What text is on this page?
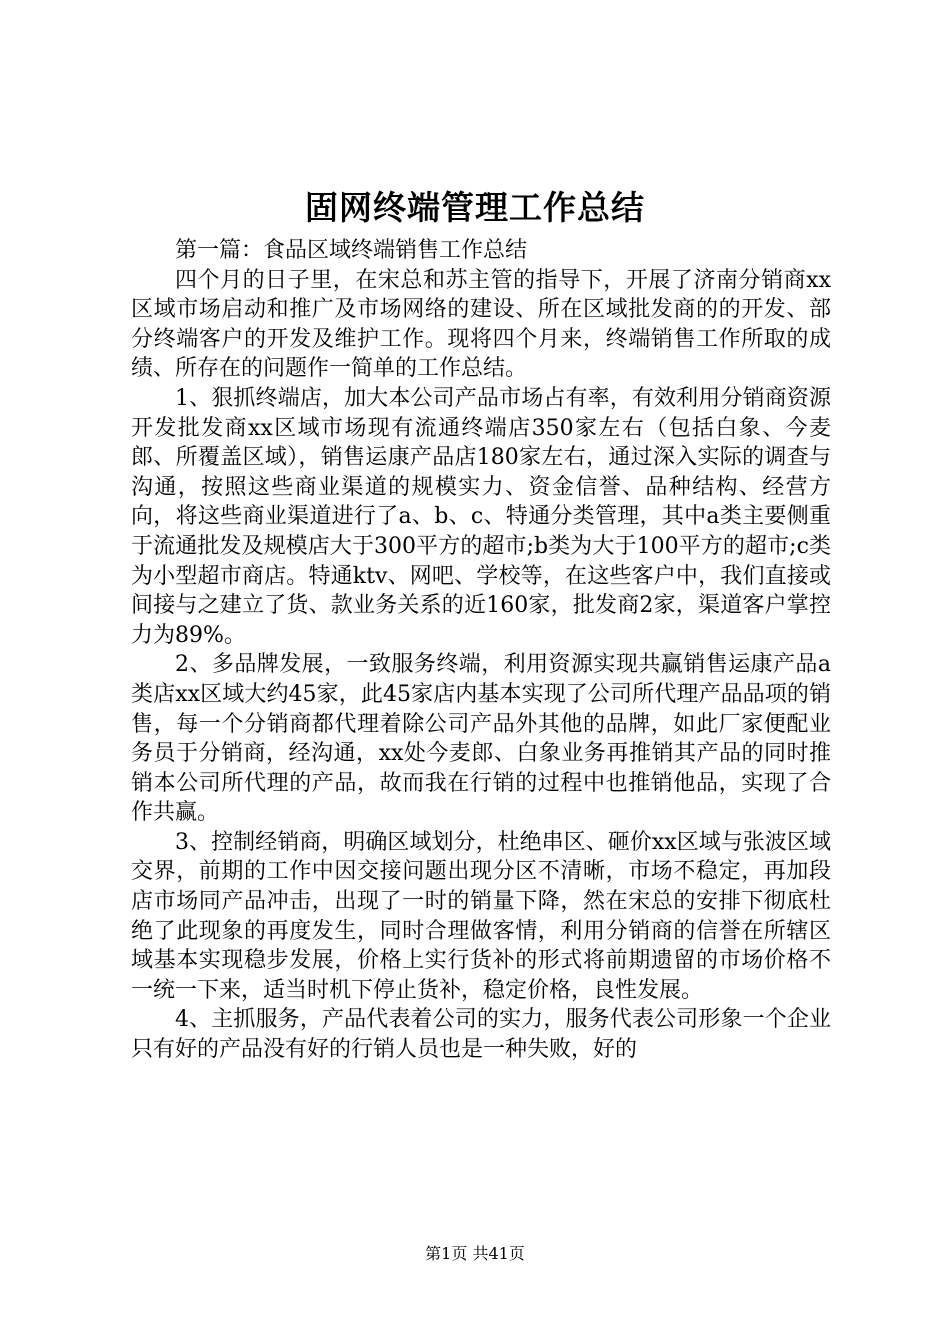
固网终端管理工作总结

第一篇：食品区域终端销售工作总结

四个月的日子里，在宋总和苏主管的指导下，开展了济南分销商xx区域市场启动和推广及市场网络的建设、所在区域批发商的的开发、部分终端客户的开发及维护工作。现将四个月来，终端销售工作所取的成绩、所存在的问题作一简单的工作总结。

1、狠抓终端店，加大本公司产品市场占有率，有效利用分销商资源开发批发商xx区域市场现有流通终端店350家左右（包括白象、今麦郎、所覆盖区域），销售运康产品店180家左右，通过深入实际的调查与沟通，按照这些商业渠道的规模实力、资金信誉、品种结构、经营方向，将这些商业渠道进行了a、b、c、特通分类管理，其中a类主要侧重于流通批发及规模店大于300平方的超市;b类为大于100平方的超市;c类为小型超市商店。特通ktv、网吧、学校等，在这些客户中，我们直接或间接与之建立了货、款业务关系的近160家，批发商2家，渠道客户掌控力为89%。

2、多品牌发展，一致服务终端，利用资源实现共赢销售运康产品a类店xx区域大约45家，此45家店内基本实现了公司所代理产品品项的销售，每一个分销商都代理着除公司产品外其他的品牌，如此厂家便配业务员于分销商，经沟通，xx处今麦郎、白象业务再推销其产品的同时推销本公司所代理的产品，故而我在行销的过程中也推销他品，实现了合作共赢。

3、控制经销商，明确区域划分，杜绝串区、砸价xx区域与张波区域交界，前期的工作中因交接问题出现分区不清晰，市场不稳定，再加段店市场同产品冲击，出现了一时的销量下降，然在宋总的安排下彻底杜绝了此现象的再度发生，同时合理做客情，利用分销商的信誉在所辖区域基本实现稳步发展，价格上实行货补的形式将前期遗留的市场价格不一统一下来，适当时机下停止货补，稳定价格，良性发展。

4、主抓服务，产品代表着公司的实力，服务代表公司形象一个企业只有好的产品没有好的行销人员也是一种失败，好的

第1页 共41页
